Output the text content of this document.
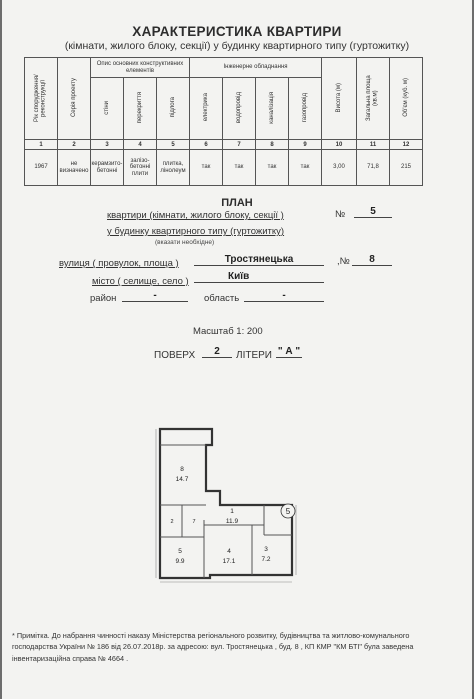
ХАРАКТЕРИСТИКА КВАРТИРИ
(кімнати, жилого блоку, секції) у будинку квартирного типу (гуртожитку)
Рік спорудження/ реконструкції	Серія проекту	Опис основних конструктивних елементів			Інженерне обладнання				Висота (м)	Загальна площа (кв.м)	Об'єм (куб. м)
		стіни	перекриття	підлога	електрика	водопровід	каналізація	газопровід			
1	2	3	4	5	6	7	8	9	10	11	12
1967	не визначено	керамзито-бетонні	залізо-бетонні плити	плитка, лінолеум	так	так	так	так	3,00	71,8	215
ПЛАН
квартири (кімнати, жилого блоку, секції )	№	5
у будинку квартирного типу (гуртожитку)
(вказати необхідне)
вулиця ( провулок, площа )	Тростянецька	,№	8
місто ( селище, село )	Київ
район	-	область	-
Масштаб 1: 200
ПОВЕРХ	2	ЛІТЕРИ " А "
5
8
14.7
1
11.9
5
9.9
4
17.1
3
7.2
2	7
* Примітка. До набрання чинності наказу Міністерства регіонального розвитку, будівництва та житлово-комунального господарства України № 186 від 26.07.2018р. за адресою: вул. Тростянецька , буд. 8 , КП КМР "КМ БТІ" була заведена інвентаризаційна справа № 4664 .
